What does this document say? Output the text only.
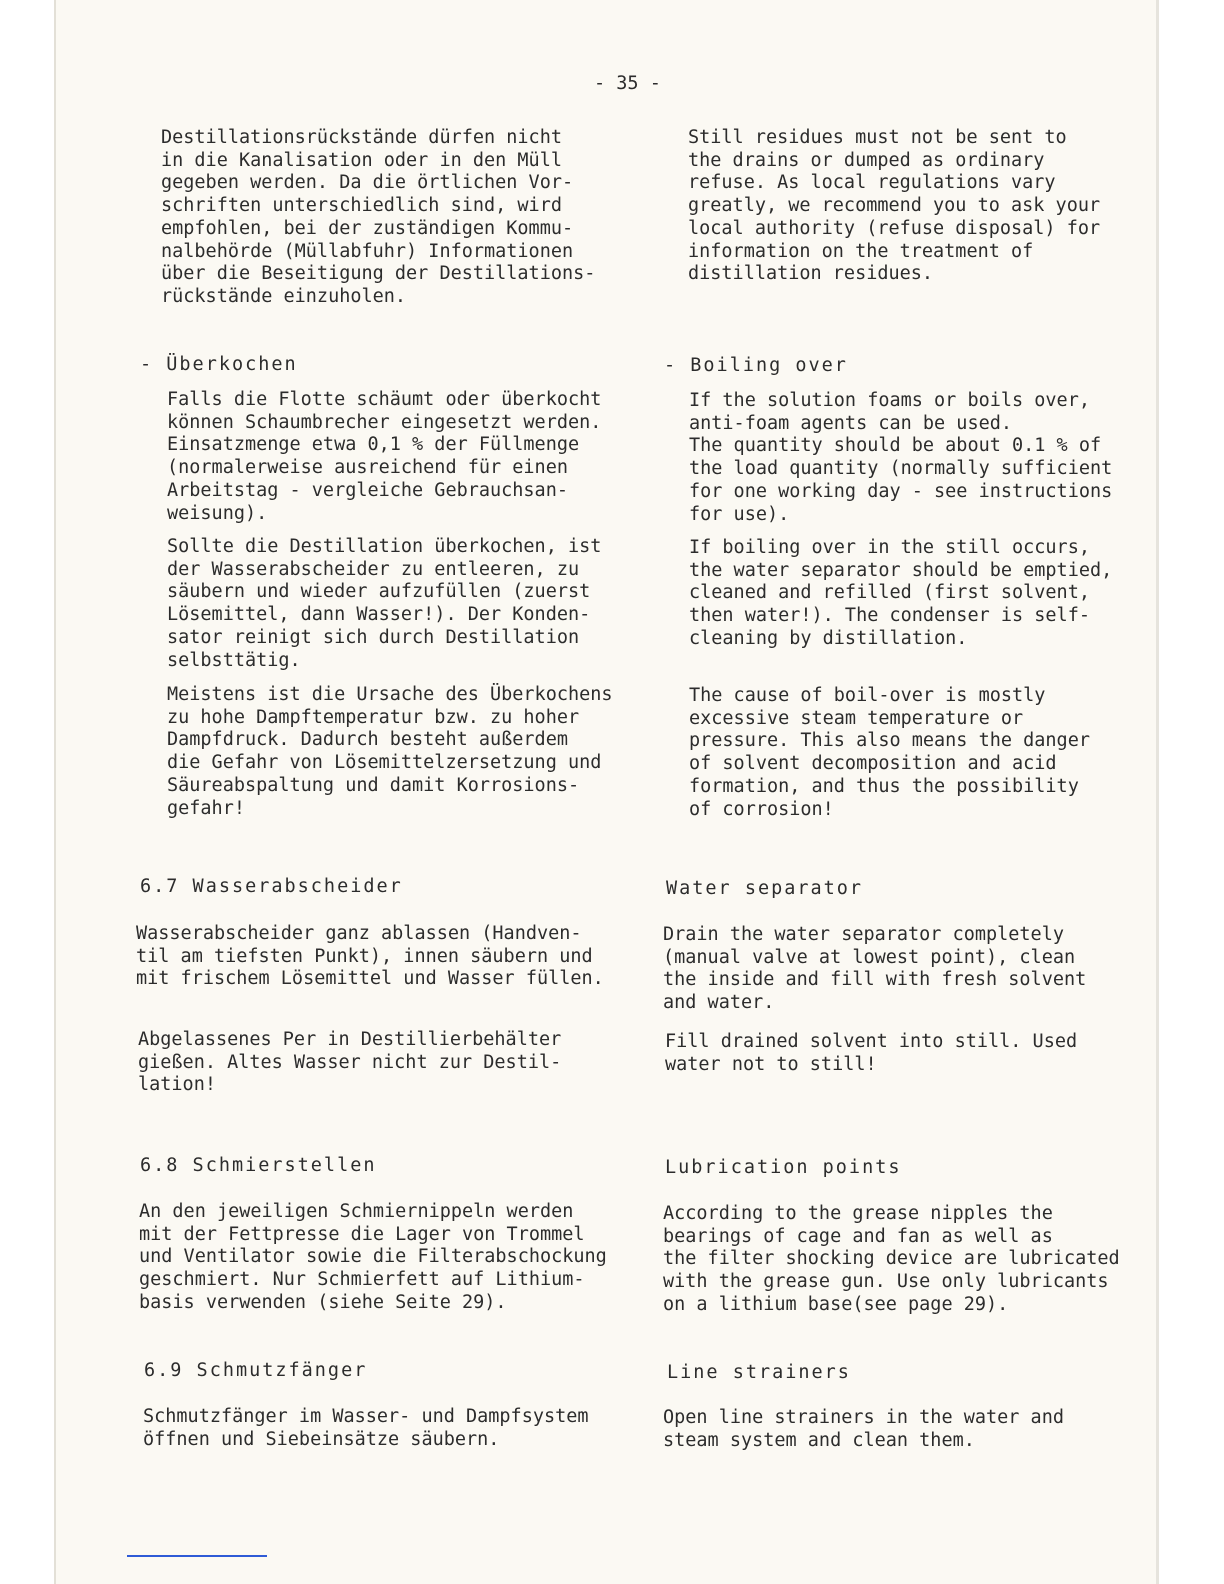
- 35 -

Destillationsrückstände dürfen nicht
in die Kanalisation oder in den Müll
gegeben werden. Da die örtlichen Vor-
schriften unterschiedlich sind, wird
empfohlen, bei der zuständigen Kommu-
nalbehörde (Müllabfuhr) Informationen
über die Beseitigung der Destillations-
rückstände einzuholen.

- Überkochen

Falls die Flotte schäumt oder überkocht
können Schaumbrecher eingesetzt werden.
Einsatzmenge etwa 0,1 % der Füllmenge
(normalerweise ausreichend für einen
Arbeitstag - vergleiche Gebrauchsan-
weisung).

Sollte die Destillation überkochen, ist
der Wasserabscheider zu entleeren, zu
säubern und wieder aufzufüllen (zuerst
Lösemittel, dann Wasser!). Der Konden-
sator reinigt sich durch Destillation
selbsttätig.

Meistens ist die Ursache des Überkochens
zu hohe Dampftemperatur bzw. zu hoher
Dampfdruck. Dadurch besteht außerdem
die Gefahr von Lösemittelzersetzung und
Säureabspaltung und damit Korrosions-
gefahr!

6.7 Wasserabscheider

Wasserabscheider ganz ablassen (Handven-
til am tiefsten Punkt), innen säubern und
mit frischem Lösemittel und Wasser füllen.

Abgelassenes Per in Destillierbehälter
gießen. Altes Wasser nicht zur Destil-
lation!

6.8 Schmierstellen

An den jeweiligen Schmiernippeln werden
mit der Fettpresse die Lager von Trommel
und Ventilator sowie die Filterabschockung
geschmiert. Nur Schmierfett auf Lithium-
basis verwenden (siehe Seite 29).

6.9 Schmutzfänger

Schmutzfänger im Wasser- und Dampfsystem
öffnen und Siebeinsätze säubern.

Still residues must not be sent to
the drains or dumped as ordinary
refuse. As local regulations vary
greatly, we recommend you to ask your
local authority (refuse disposal) for
information on the treatment of
distillation residues.

- Boiling over

If the solution foams or boils over,
anti-foam agents can be used.
The quantity should be about 0.1 % of
the load quantity (normally sufficient
for one working day - see instructions
for use).

If boiling over in the still occurs,
the water separator should be emptied,
cleaned and refilled (first solvent,
then water!). The condenser is self-
cleaning by distillation.

The cause of boil-over is mostly
excessive steam temperature or
pressure. This also means the danger
of solvent decomposition and acid
formation, and thus the possibility
of corrosion!

Water separator

Drain the water separator completely
(manual valve at lowest point), clean
the inside and fill with fresh solvent
and water.

Fill drained solvent into still. Used
water not to still!

Lubrication points

According to the grease nipples the
bearings of cage and fan as well as
the filter shocking device are lubricated
with the grease gun. Use only lubricants
on a lithium base(see page 29).

Line strainers

Open line strainers in the water and
steam system and clean them.
